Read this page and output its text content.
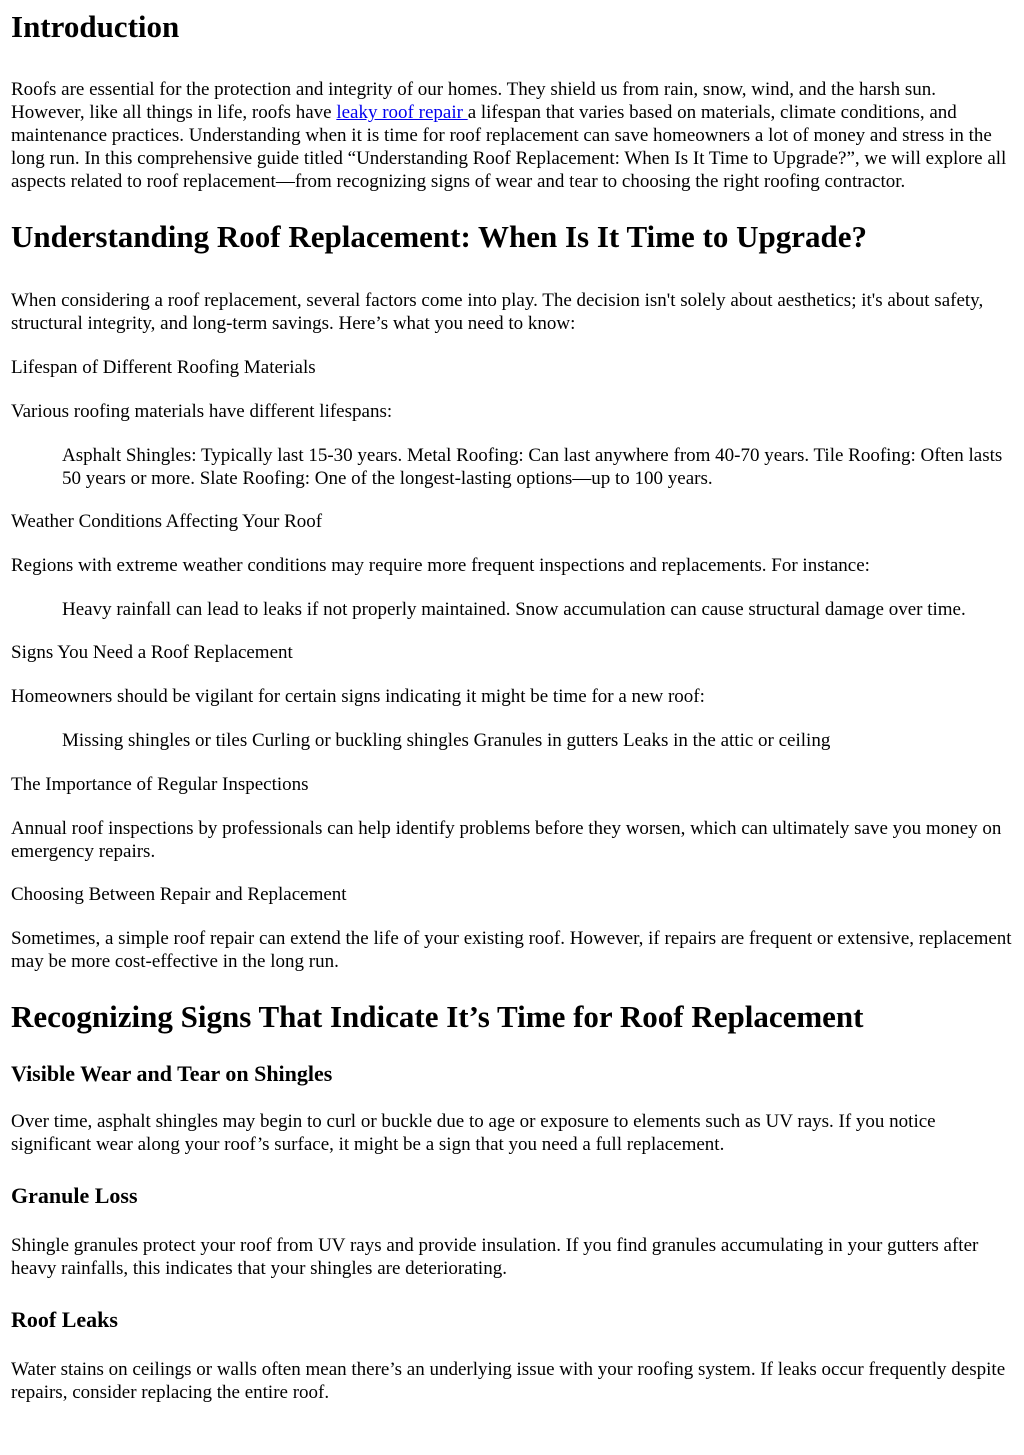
Introduction

Roofs are essential for the protection and integrity of our homes. They shield us from rain, snow, wind, and the harsh sun. However, like all things in life, roofs have leaky roof repair a lifespan that varies based on materials, climate conditions, and maintenance practices. Understanding when it is time for roof replacement can save homeowners a lot of money and stress in the long run. In this comprehensive guide titled “Understanding Roof Replacement: When Is It Time to Upgrade?”, we will explore all aspects related to roof replacement—from recognizing signs of wear and tear to choosing the right roofing contractor.

Understanding Roof Replacement: When Is It Time to Upgrade?

When considering a roof replacement, several factors come into play. The decision isn't solely about aesthetics; it's about safety, structural integrity, and long-term savings. Here’s what you need to know:

Lifespan of Different Roofing Materials

Various roofing materials have different lifespans:

Asphalt Shingles: Typically last 15-30 years. Metal Roofing: Can last anywhere from 40-70 years. Tile Roofing: Often lasts 50 years or more. Slate Roofing: One of the longest-lasting options—up to 100 years.

Weather Conditions Affecting Your Roof

Regions with extreme weather conditions may require more frequent inspections and replacements. For instance:

Heavy rainfall can lead to leaks if not properly maintained. Snow accumulation can cause structural damage over time.

Signs You Need a Roof Replacement

Homeowners should be vigilant for certain signs indicating it might be time for a new roof:

Missing shingles or tiles Curling or buckling shingles Granules in gutters Leaks in the attic or ceiling

The Importance of Regular Inspections

Annual roof inspections by professionals can help identify problems before they worsen, which can ultimately save you money on emergency repairs.

Choosing Between Repair and Replacement

Sometimes, a simple roof repair can extend the life of your existing roof. However, if repairs are frequent or extensive, replacement may be more cost-effective in the long run.

Recognizing Signs That Indicate It’s Time for Roof Replacement
Visible Wear and Tear on Shingles

Over time, asphalt shingles may begin to curl or buckle due to age or exposure to elements such as UV rays. If you notice significant wear along your roof’s surface, it might be a sign that you need a full replacement.

Granule Loss

Shingle granules protect your roof from UV rays and provide insulation. If you find granules accumulating in your gutters after heavy rainfalls, this indicates that your shingles are deteriorating.

Roof Leaks

Water stains on ceilings or walls often mean there’s an underlying issue with your roofing system. If leaks occur frequently despite repairs, consider replacing the entire roof.
